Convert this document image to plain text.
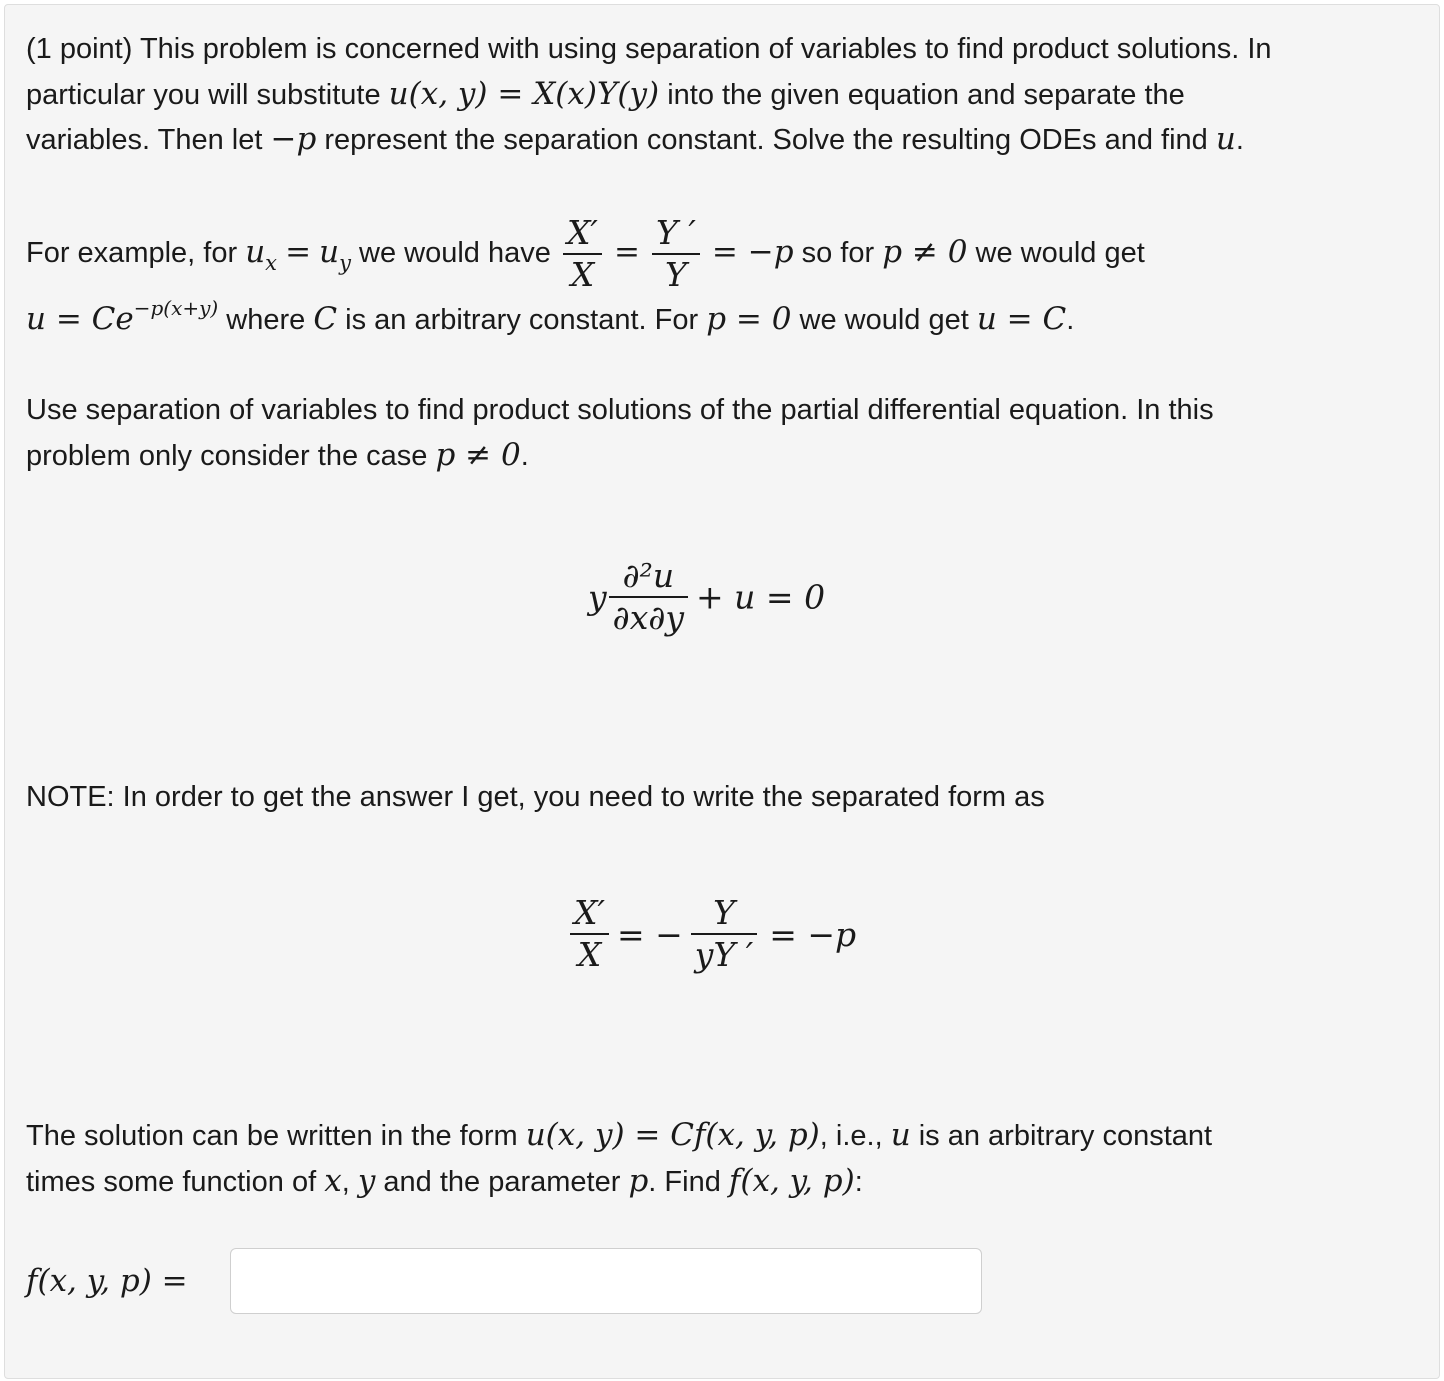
(1 point) This problem is concerned with using separation of variables to find product solutions. In
particular you will substitute u(x, y) = X(x)Y(y) into the given equation and separate the
variables. Then let −p represent the separation constant. Solve the resulting ODEs and find u.
For example, for $u_x = u_y$ we would have $\frac{X'}{X} = \frac{Y '}{Y} = -p$ so for p ≠ 0 we would get
$u = Ce^{-p(x+y)}$ where C is an arbitrary constant. For p = 0 we would get u = C.
Use separation of variables to find product solutions of the partial differential equation. In this
problem only consider the case p ≠ 0.
y $\frac{\text{∂²u}}{\partial x\partial y} + u = 0$
NOTE: In order to get the answer I get, you need to write the separated form as
$\frac{X'}{X}$ = − $\frac{Y}{yY '} = -p$
The solution can be written in the form u(x, y) = Cf(x, y, p), i.e., u is an arbitrary constant
times some function of x, y and the parameter p. Find f(x, y, p):
f(x, y, p) =
